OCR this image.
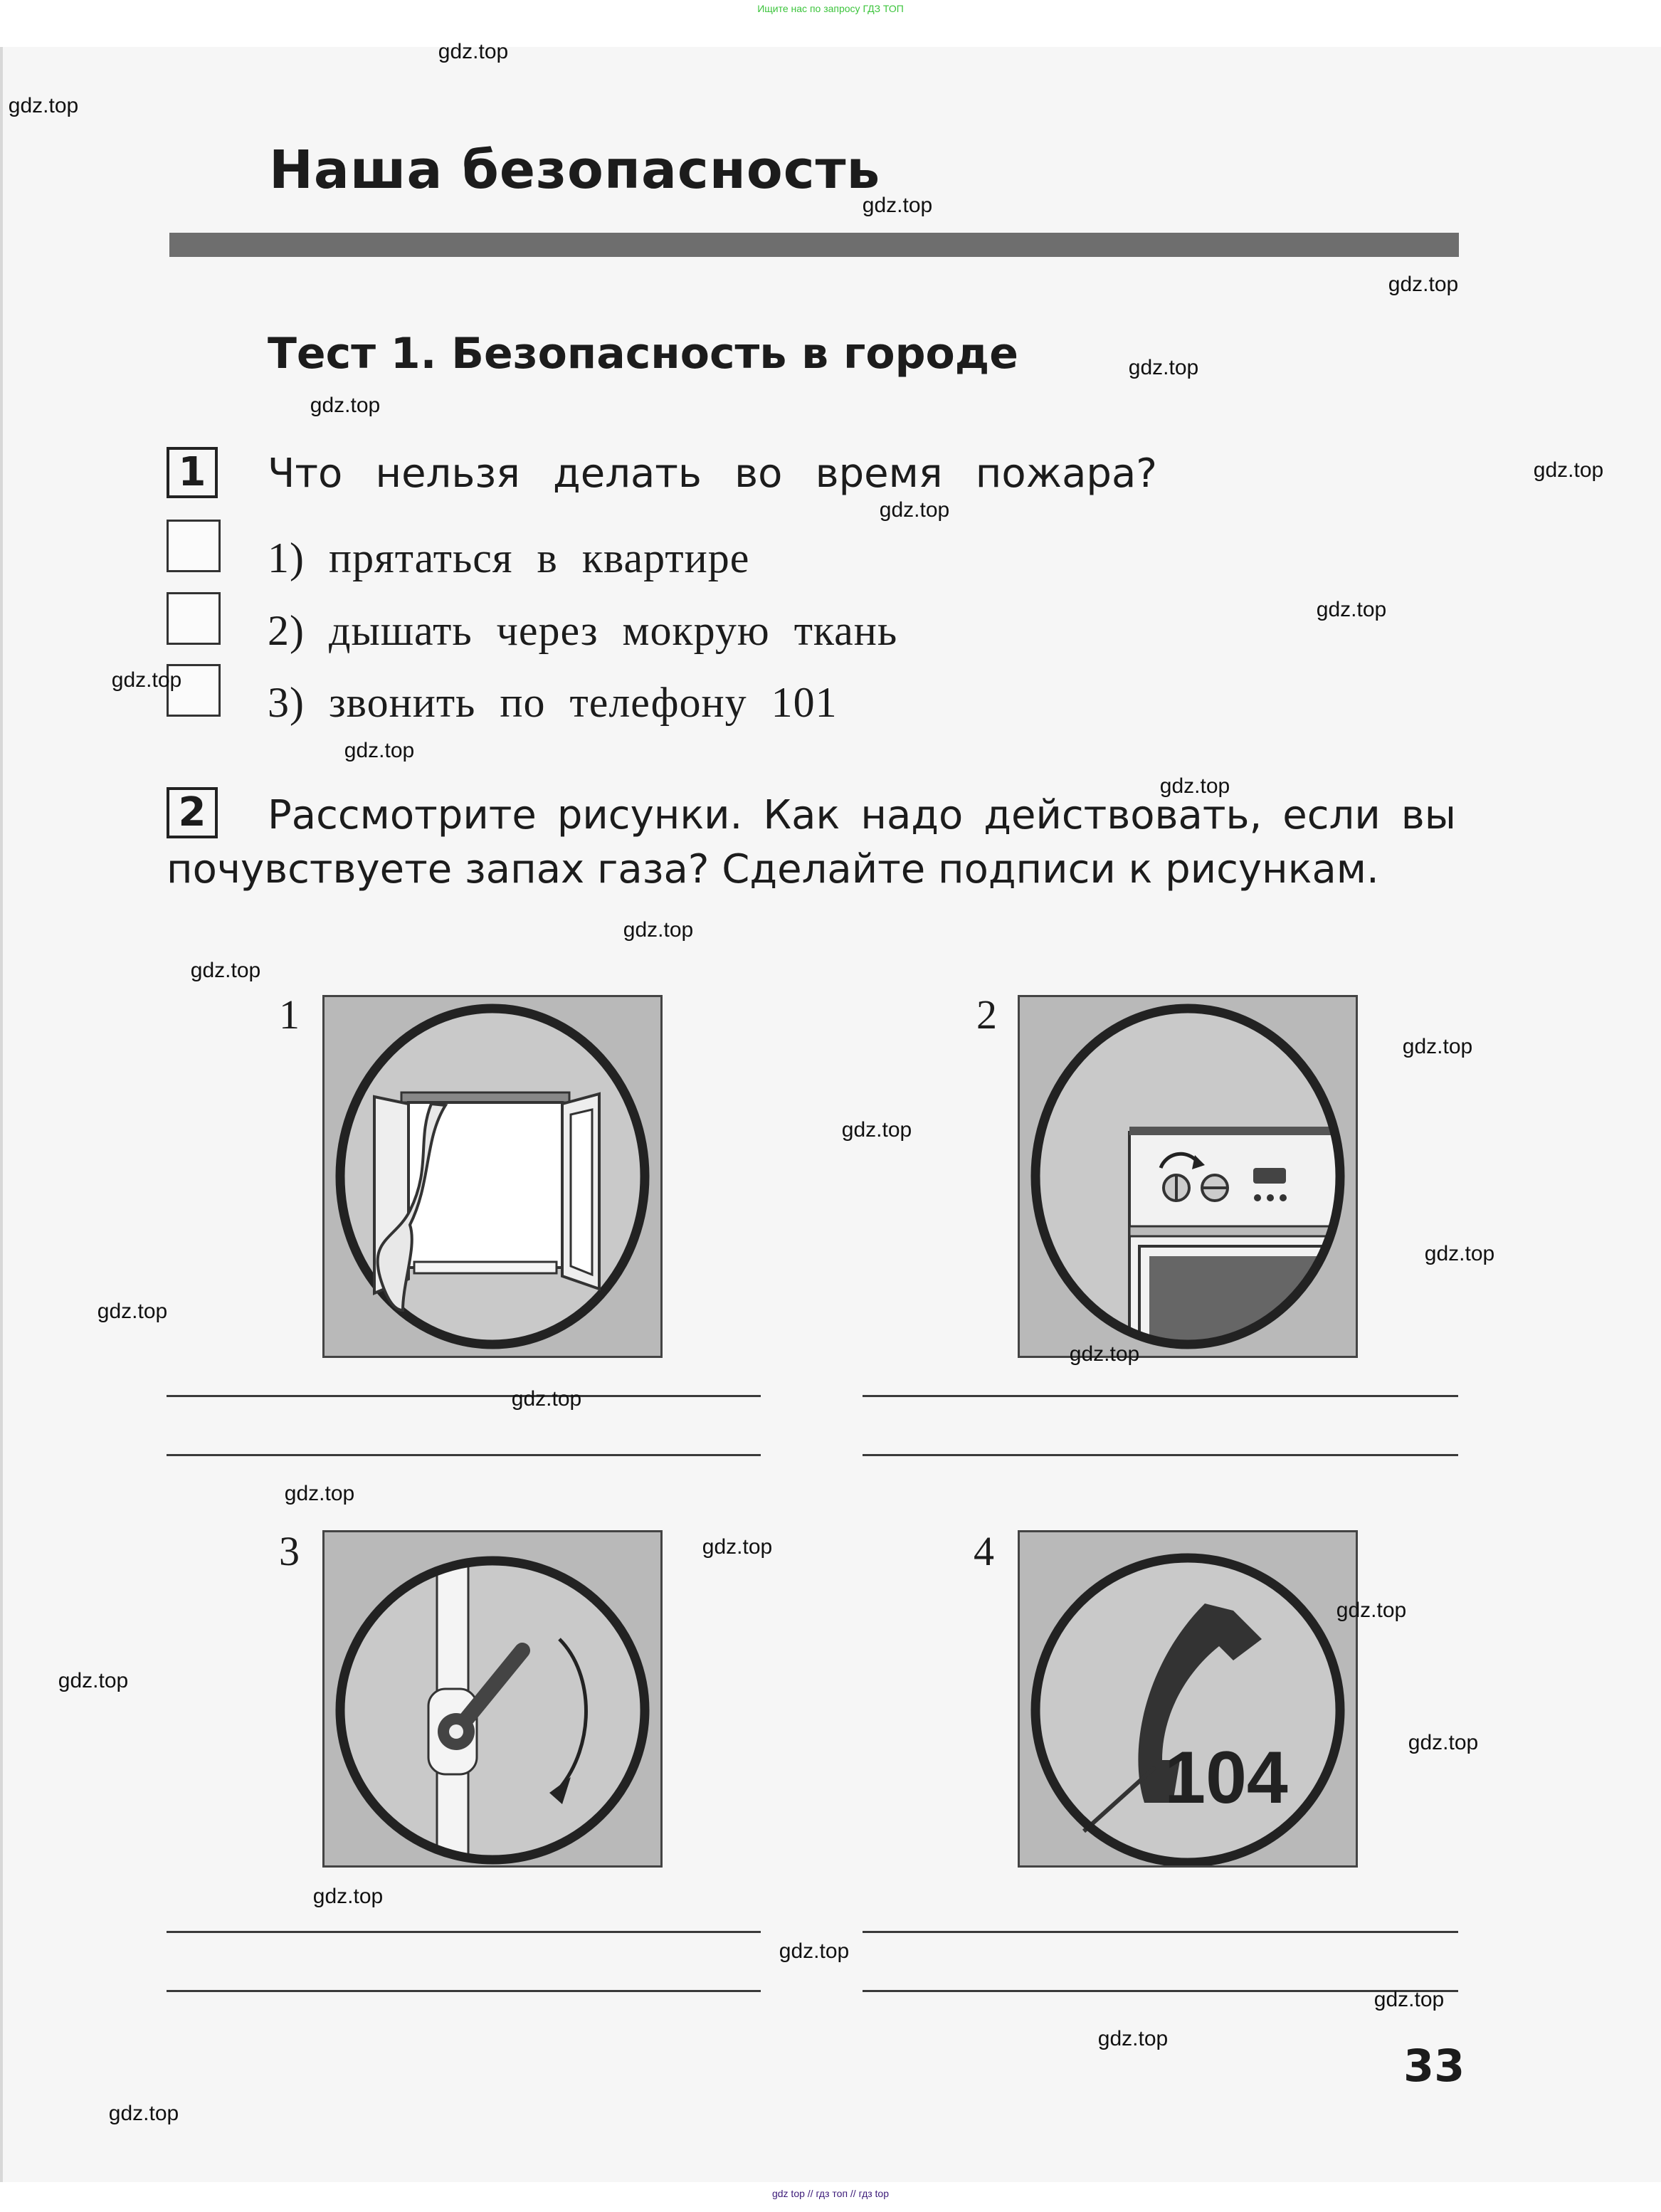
Ищите нас по запросу ГДЗ ТОП
Наша безопасность
Тест 1. Безопасность в городе
1 Что нельзя делать во время пожара?
1) прятаться в квартире
2) дышать через мокрую ткань
3) звонить по телефону 101
2	Рассмотрите рисунки. Как надо действовать, если вы почувствуете запах газа? Сделайте подписи к рисункам.
1	2
3	4
104
33
gdz.top
gdz.top
gdz.top
gdz.top
gdz.top
gdz.top
gdz.top
gdz.top
gdz.top
gdz.top
gdz.top
gdz.top
gdz.top
gdz.top
gdz.top
gdz.top
gdz.top
gdz.top
gdz.top
gdz.top
gdz.top
gdz.top
gdz.top
gdz.top
gdz.top
gdz.top
gdz.top
gdz.top
gdz.top
gdz.top
gdz top // гдз топ // гдз top
